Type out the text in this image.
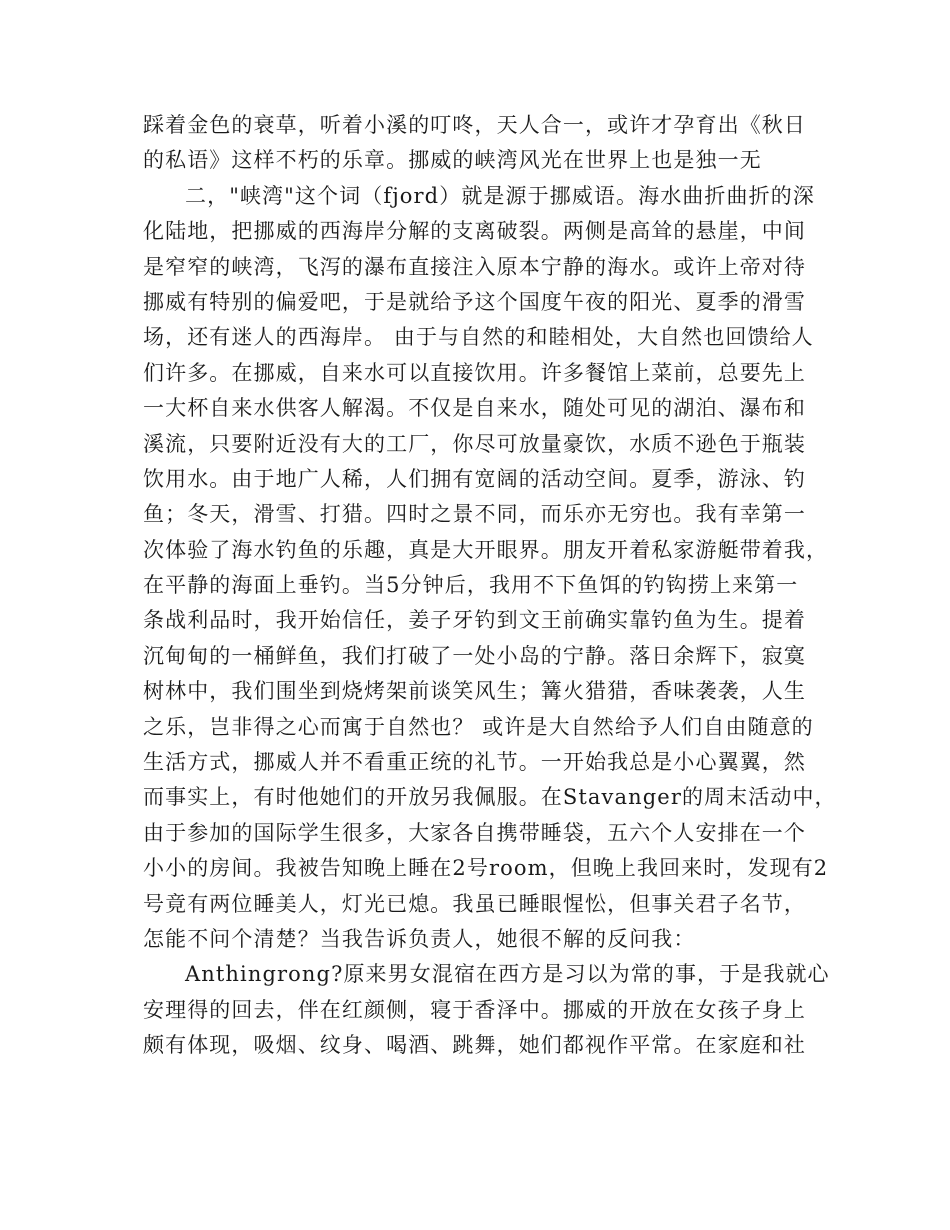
踩着金色的衰草，听着小溪的叮咚，天人合一，或许才孕育出《秋日
的私语》这样不朽的乐章。挪威的峡湾风光在世界上也是独一无
二，"峡湾"这个词（fjord）就是源于挪威语。海水曲折曲折的深
化陆地，把挪威的西海岸分解的支离破裂。两侧是高耸的悬崖，中间
是窄窄的峡湾，飞泻的瀑布直接注入原本宁静的海水。或许上帝对待
挪威有特别的偏爱吧，于是就给予这个国度午夜的阳光、夏季的滑雪
场，还有迷人的西海岸。 由于与自然的和睦相处，大自然也回馈给人
们许多。在挪威，自来水可以直接饮用。许多餐馆上菜前，总要先上
一大杯自来水供客人解渴。不仅是自来水，随处可见的湖泊、瀑布和
溪流，只要附近没有大的工厂，你尽可放量豪饮，水质不逊色于瓶装
饮用水。由于地广人稀，人们拥有宽阔的活动空间。夏季，游泳、钓
鱼；冬天，滑雪、打猎。四时之景不同，而乐亦无穷也。我有幸第一
次体验了海水钓鱼的乐趣，真是大开眼界。朋友开着私家游艇带着我，
在平静的海面上垂钓。当5分钟后，我用不下鱼饵的钓钩捞上来第一
条战利品时，我开始信任，姜子牙钓到文王前确实靠钓鱼为生。提着
沉甸甸的一桶鲜鱼，我们打破了一处小岛的宁静。落日余辉下，寂寞
树林中，我们围坐到烧烤架前谈笑风生；篝火猎猎，香味袭袭，人生
之乐，岂非得之心而寓于自然也？ 或许是大自然给予人们自由随意的
生活方式，挪威人并不看重正统的礼节。一开始我总是小心翼翼，然
而事实上，有时他她们的开放另我佩服。在Stavanger的周末活动中，
由于参加的国际学生很多，大家各自携带睡袋，五六个人安排在一个
小小的房间。我被告知晚上睡在2号room，但晚上我回来时，发现有2
号竟有两位睡美人，灯光已熄。我虽已睡眼惺忪，但事关君子名节，
怎能不问个清楚？当我告诉负责人，她很不解的反问我：
Anthingrong?原来男女混宿在西方是习以为常的事，于是我就心
安理得的回去，伴在红颜侧，寝于香泽中。挪威的开放在女孩子身上
颇有体现，吸烟、纹身、喝酒、跳舞，她们都视作平常。在家庭和社
